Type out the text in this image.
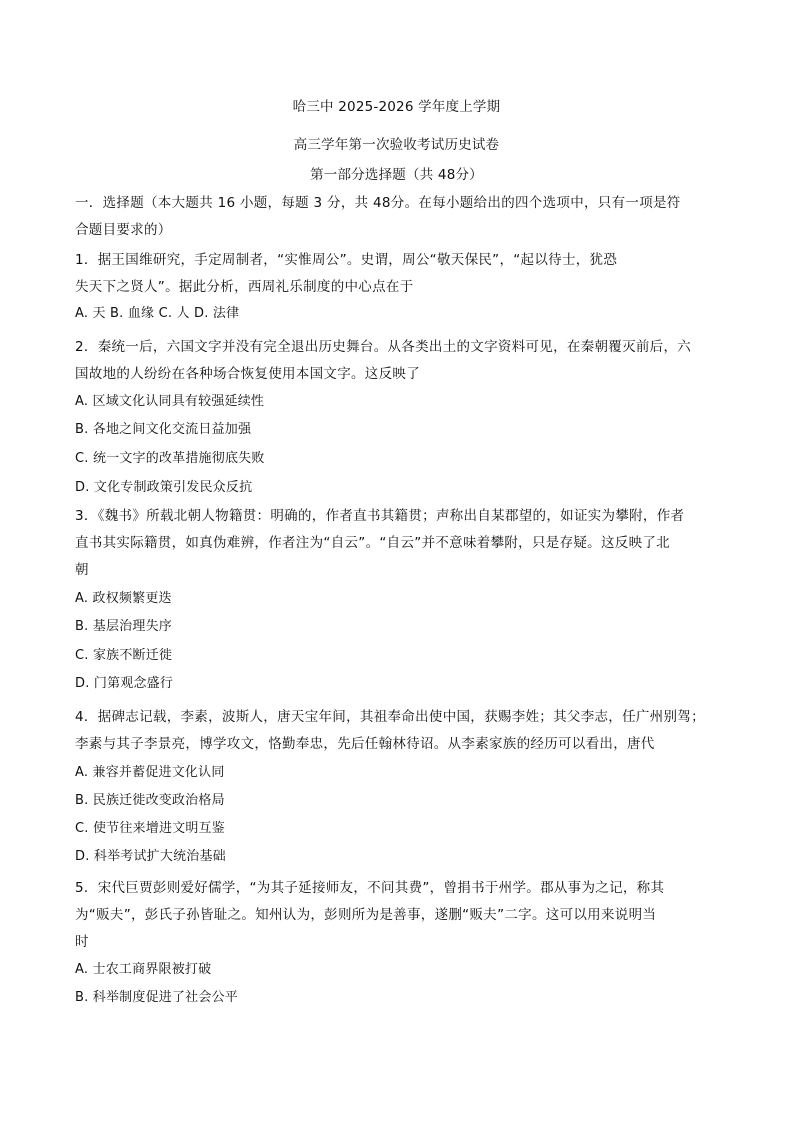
哈三中 2025-2026 学年度上学期
高三学年第一次验收考试历史试卷
第一部分选择题（共 48分）
一．选择题（本大题共 16 小题，每题 3 分，共 48分。在每小题给出的四个选项中，只有一项是符
合题目要求的）
1．据王国维研究，手定周制者，“实惟周公”。史谓，周公“敬天保民”，“起以待士，犹恐
失天下之贤人”。据此分析，西周礼乐制度的中心点在于
A. 天 B. 血缘 C. 人 D. 法律
2．秦统一后，六国文字并没有完全退出历史舞台。从各类出土的文字资料可见，在秦朝覆灭前后，六
国故地的人纷纷在各种场合恢复使用本国文字。这反映了
A. 区域文化认同具有较强延续性
B. 各地之间文化交流日益加强
C. 统一文字的改革措施彻底失败
D. 文化专制政策引发民众反抗
3．《魏书》所载北朝人物籍贯：明确的，作者直书其籍贯；声称出自某郡望的，如证实为攀附，作者
直书其实际籍贯，如真伪难辨，作者注为“自云”。“自云”并不意味着攀附，只是存疑。这反映了北
朝
A. 政权频繁更迭
B. 基层治理失序
C. 家族不断迁徙
D. 门第观念盛行
4．据碑志记载，李素，波斯人，唐天宝年间，其祖奉命出使中国，获赐李姓；其父李志，任广州别驾；
李素与其子李景亮，博学攻文，恪勤奉忠，先后任翰林待诏。从李素家族的经历可以看出，唐代
A. 兼容并蓄促进文化认同
B. 民族迁徙改变政治格局
C. 使节往来增进文明互鉴
D. 科举考试扩大统治基础
5．宋代巨贾彭则爱好儒学，“为其子延接师友，不问其费”，曾捐书于州学。郡从事为之记，称其
为“贩夫”，彭氏子孙皆耻之。知州认为，彭则所为是善事，遂删“贩夫”二字。这可以用来说明当
时
A. 士农工商界限被打破
B. 科举制度促进了社会公平
